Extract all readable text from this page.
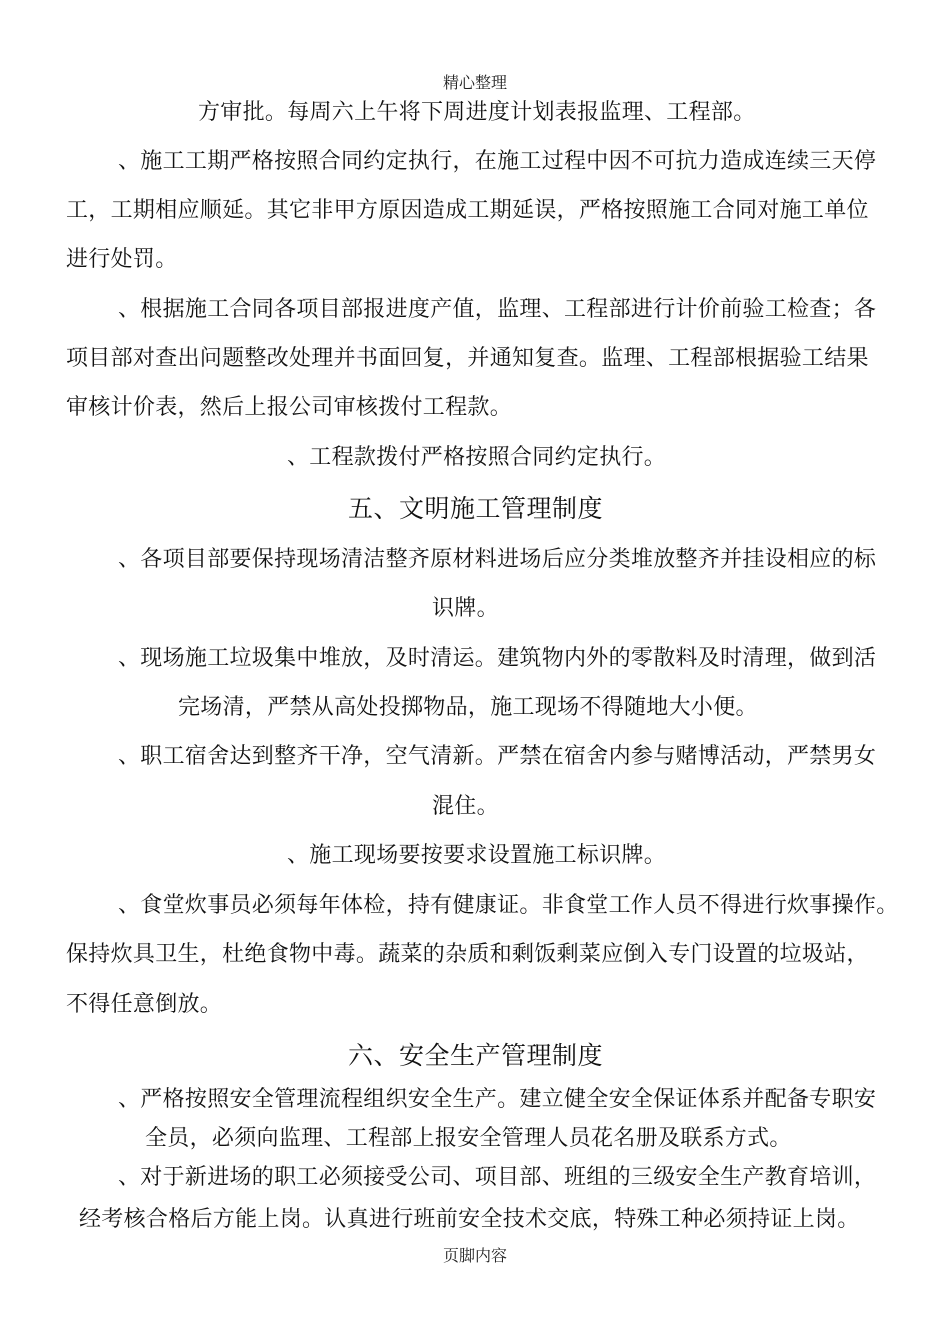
精心整理
方审批。每周六上午将下周进度计划表报监理、工程部。
、施工工期严格按照合同约定执行，在施工过程中因不可抗力造成连续三天停
工，工期相应顺延。其它非甲方原因造成工期延误，严格按照施工合同对施工单位
进行处罚。
、根据施工合同各项目部报进度产值，监理、工程部进行计价前验工检查；各
项目部对查出问题整改处理并书面回复，并通知复查。监理、工程部根据验工结果
审核计价表，然后上报公司审核拨付工程款。
、工程款拨付严格按照合同约定执行。
五、文明施工管理制度
、各项目部要保持现场清洁整齐原材料进场后应分类堆放整齐并挂设相应的标
识牌。
、现场施工垃圾集中堆放，及时清运。建筑物内外的零散料及时清理，做到活
完场清，严禁从高处投掷物品，施工现场不得随地大小便。
、职工宿舍达到整齐干净，空气清新。严禁在宿舍内参与赌博活动，严禁男女
混住。
、施工现场要按要求设置施工标识牌。
、食堂炊事员必须每年体检，持有健康证。非食堂工作人员不得进行炊事操作。
保持炊具卫生，杜绝食物中毒。蔬菜的杂质和剩饭剩菜应倒入专门设置的垃圾站，
不得任意倒放。
六、安全生产管理制度
、严格按照安全管理流程组织安全生产。建立健全安全保证体系并配备专职安
全员，必须向监理、工程部上报安全管理人员花名册及联系方式。
、对于新进场的职工必须接受公司、项目部、班组的三级安全生产教育培训，
经考核合格后方能上岗。认真进行班前安全技术交底，特殊工种必须持证上岗。
页脚内容
